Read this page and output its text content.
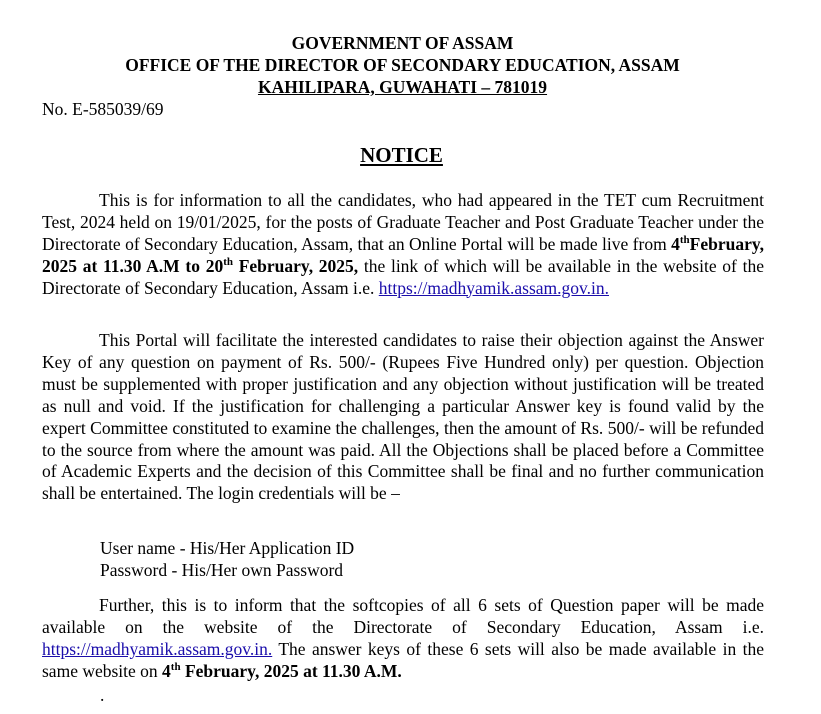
GOVERNMENT OF ASSAM
OFFICE OF THE DIRECTOR OF SECONDARY EDUCATION, ASSAM
KAHILIPARA, GUWAHATI – 781019
No. E-585039/69
NOTICE
This is for information to all the candidates, who had appeared in the TET cum Recruitment Test, 2024 held on 19/01/2025, for the posts of Graduate Teacher and Post Graduate Teacher under the Directorate of Secondary Education, Assam, that an Online Portal will be made live from 4thFebruary, 2025 at 11.30 A.M to 20th February, 2025, the link of which will be available in the website of the Directorate of Secondary Education, Assam i.e. https://madhyamik.assam.gov.in.
This Portal will facilitate the interested candidates to raise their objection against the Answer Key of any question on payment of Rs. 500/- (Rupees Five Hundred only) per question. Objection must be supplemented with proper justification and any objection without justification will be treated as null and void. If the justification for challenging a particular Answer key is found valid by the expert Committee constituted to examine the challenges, then the amount of Rs. 500/- will be refunded to the source from where the amount was paid. All the Objections shall be placed before a Committee of Academic Experts and the decision of this Committee shall be final and no further communication shall be entertained. The login credentials will be –
User name - His/Her Application ID
Password - His/Her own Password
Further, this is to inform that the softcopies of all 6 sets of Question paper will be made available on the website of the Directorate of Secondary Education, Assam i.e. https://madhyamik.assam.gov.in. The answer keys of these 6 sets will also be made available in the same website on 4th February, 2025 at 11.30 A.M.
.
